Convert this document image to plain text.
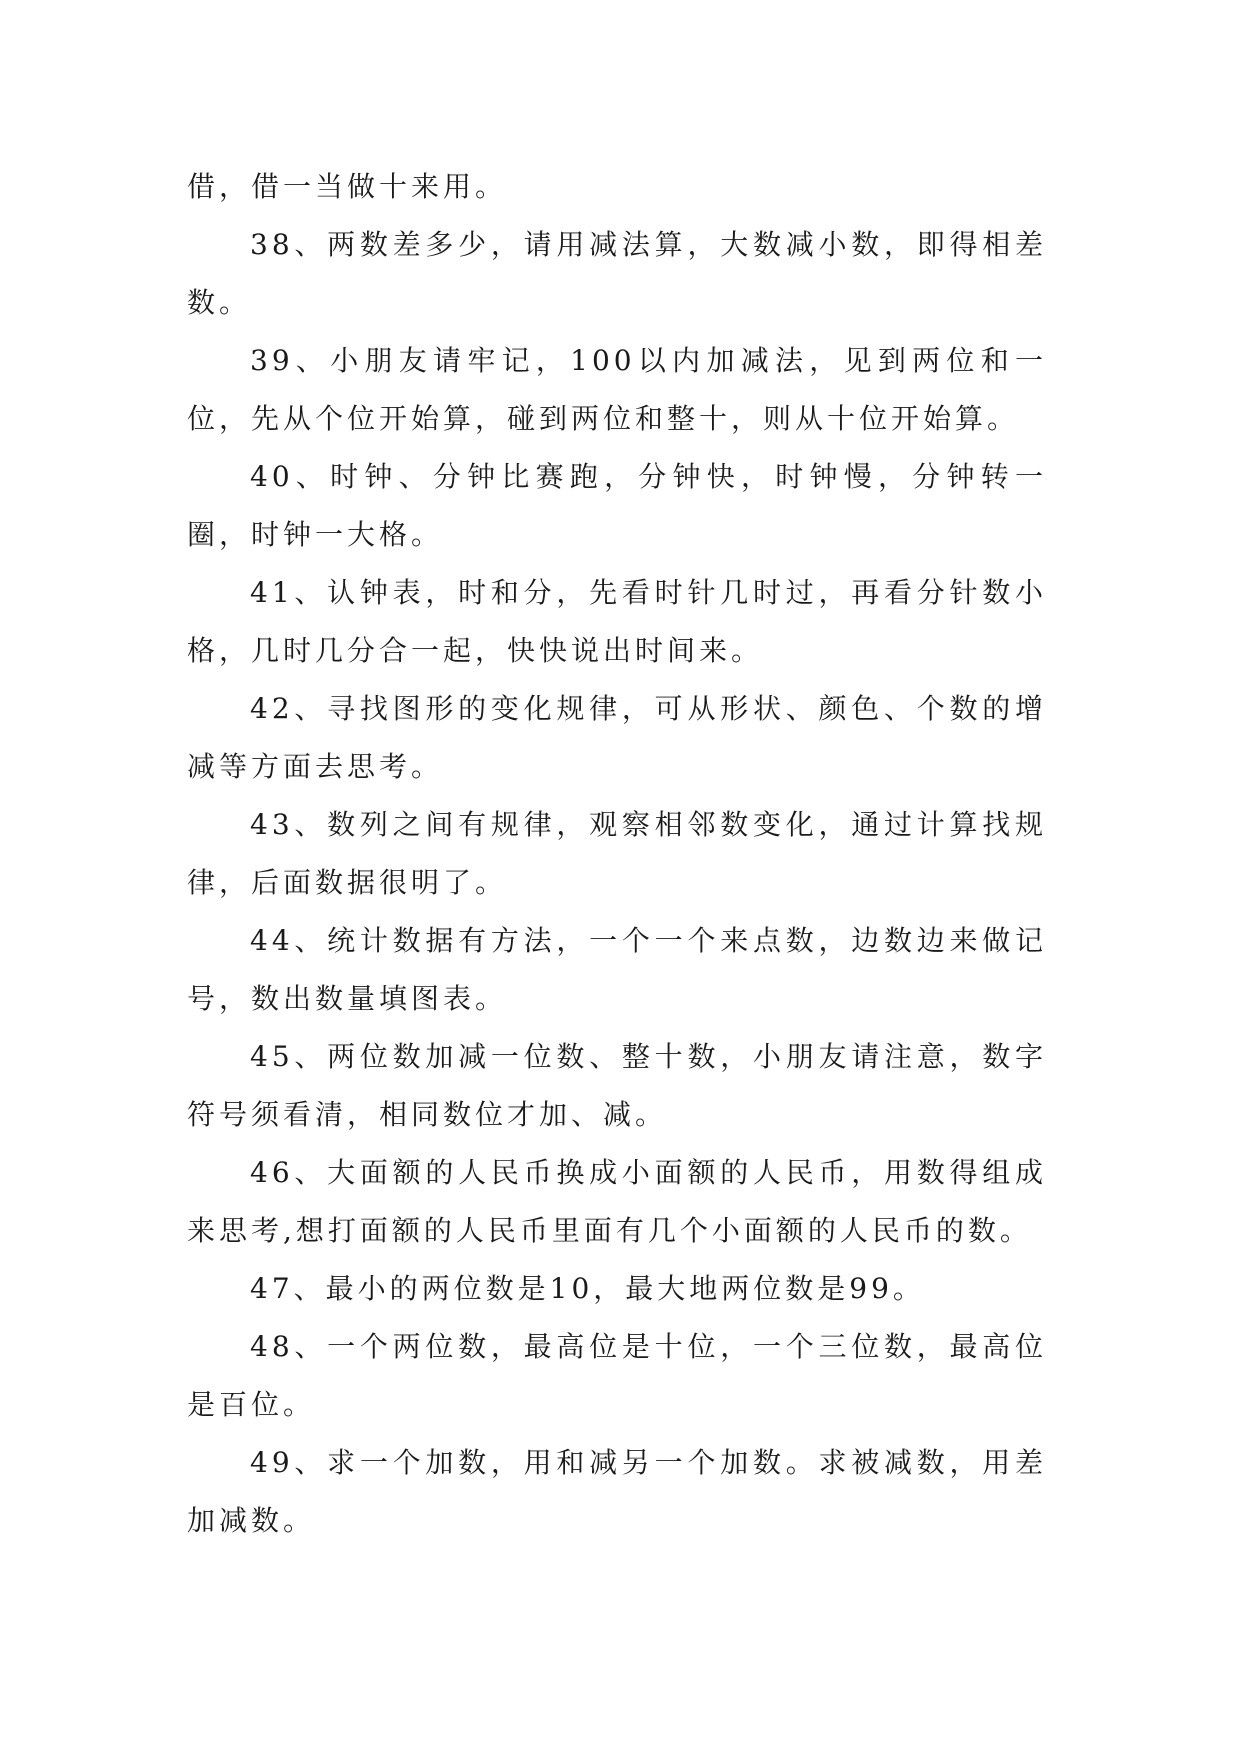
借，借一当做十来用。

38、两数差多少，请用减法算，大数减小数，即得相差数。

39、小朋友请牢记，100以内加减法，见到两位和一位，先从个位开始算，碰到两位和整十，则从十位开始算。

40、时钟、分钟比赛跑，分钟快，时钟慢，分钟转一圈，时钟一大格。

41、认钟表，时和分，先看时针几时过，再看分针数小格，几时几分合一起，快快说出时间来。

42、寻找图形的变化规律，可从形状、颜色、个数的增减等方面去思考。

43、数列之间有规律，观察相邻数变化，通过计算找规律，后面数据很明了。

44、统计数据有方法，一个一个来点数，边数边来做记号，数出数量填图表。

45、两位数加减一位数、整十数，小朋友请注意，数字符号须看清，相同数位才加、减。

46、大面额的人民币换成小面额的人民币，用数得组成来思考,想打面额的人民币里面有几个小面额的人民币的数。

47、最小的两位数是10，最大地两位数是99。

48、一个两位数，最高位是十位，一个三位数，最高位是百位。

49、求一个加数，用和减另一个加数。求被减数，用差加减数。
